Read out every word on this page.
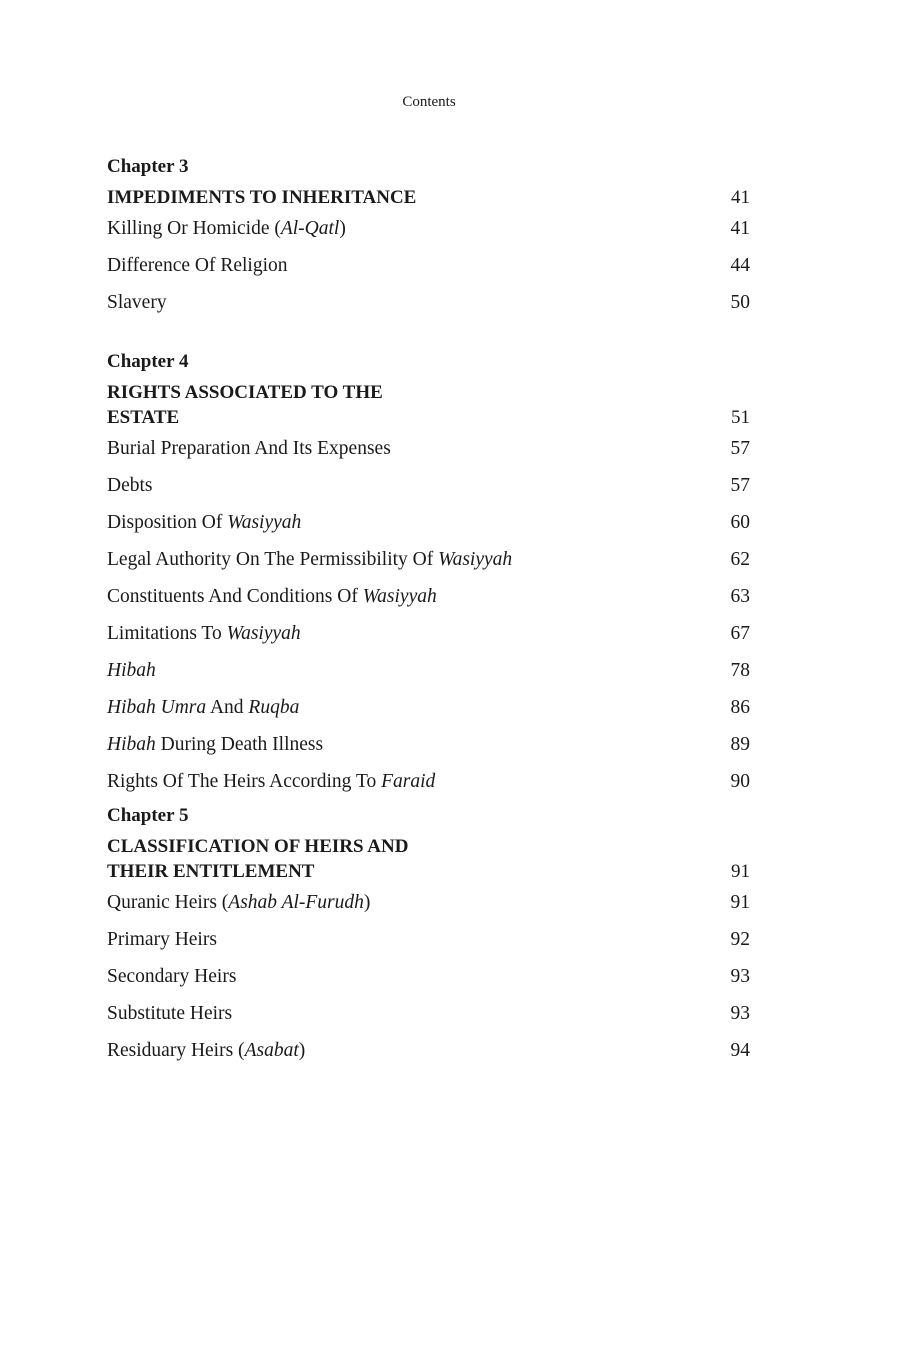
Contents
Chapter 3
IMPEDIMENTS TO INHERITANCE	41
Killing Or Homicide (Al-Qatl)	41
Difference Of Religion	44
Slavery	50
Chapter 4
RIGHTS ASSOCIATED TO THE ESTATE	51
Burial Preparation And Its Expenses	57
Debts	57
Disposition Of Wasiyyah	60
Legal Authority On The Permissibility Of Wasiyyah	62
Constituents And Conditions Of Wasiyyah	63
Limitations To Wasiyyah	67
Hibah	78
Hibah Umra And Ruqba	86
Hibah During Death Illness	89
Rights Of The Heirs According To Faraid	90
Chapter 5
CLASSIFICATION OF HEIRS AND
THEIR ENTITLEMENT	91
Quranic Heirs (Ashab Al-Furudh)	91
Primary Heirs	92
Secondary Heirs	93
Substitute Heirs	93
Residuary Heirs (Asabat)	94
